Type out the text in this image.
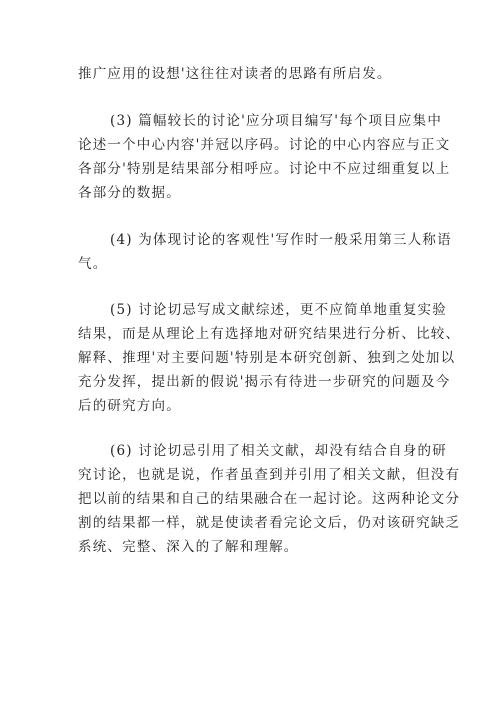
推广应用的设想'这往往对读者的思路有所启发。

(3) 篇幅较长的讨论'应分项目编写'每个项目应集中
论述一个中心内容'并冠以序码。讨论的中心内容应与正文
各部分'特别是结果部分相呼应。讨论中不应过细重复以上
各部分的数据。

(4) 为体现讨论的客观性'写作时一般采用第三人称语
气。

(5) 讨论切忌写成文献综述，更不应简单地重复实验
结果，而是从理论上有选择地对研究结果进行分析、比较、
解释、推理'对主要问题'特别是本研究创新、独到之处加以
充分发挥，提出新的假说'揭示有待进一步研究的问题及今
后的研究方向。

(6) 讨论切忌引用了相关文献，却没有结合自身的研
究讨论，也就是说，作者虽查到并引用了相关文献，但没有
把以前的结果和自己的结果融合在一起讨论。这两种论文分
割的结果都一样，就是使读者看完论文后，仍对该研究缺乏
系统、完整、深入的了解和理解。
